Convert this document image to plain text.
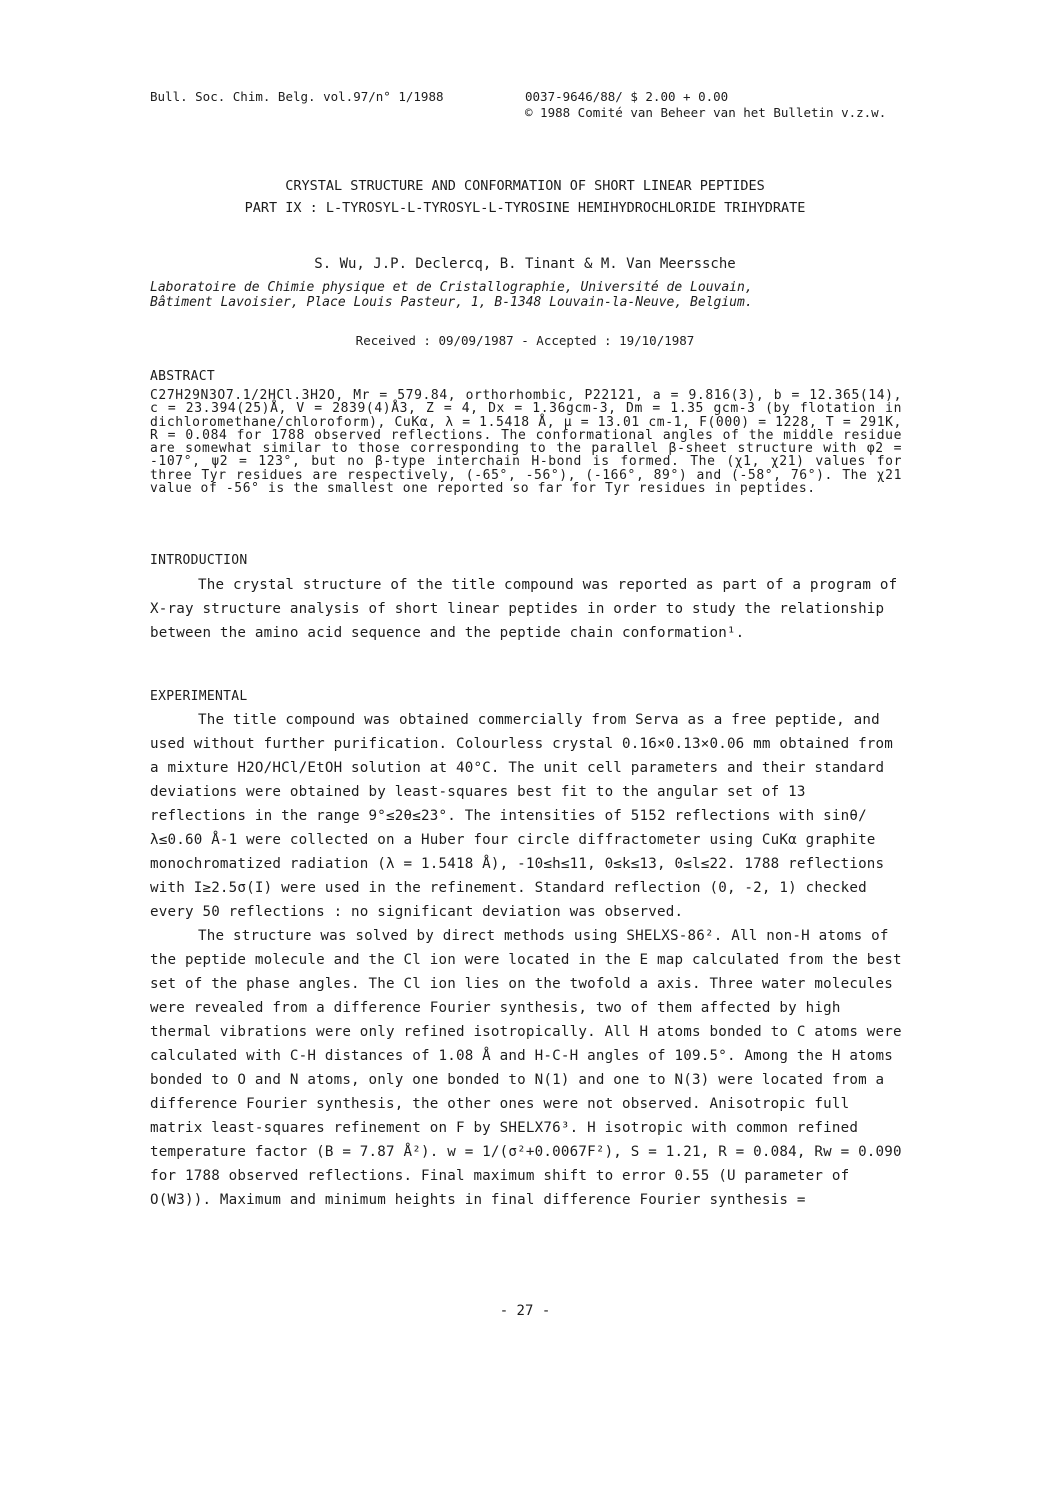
Bull. Soc. Chim. Belg. vol.97/n° 1/1988	0037-9646/88/ $ 2.00 + 0.00
© 1988 Comité van Beheer van het Bulletin v.z.w.
CRYSTAL STRUCTURE AND CONFORMATION OF SHORT LINEAR PEPTIDES
PART IX : L-TYROSYL-L-TYROSYL-L-TYROSINE HEMIHYDROCHLORIDE TRIHYDRATE
S. Wu, J.P. Declercq, B. Tinant & M. Van Meerssche
Laboratoire de Chimie physique et de Cristallographie, Université de Louvain,
Bâtiment Lavoisier, Place Louis Pasteur, 1, B-1348 Louvain-la-Neuve, Belgium.
Received : 09/09/1987 - Accepted : 19/10/1987
ABSTRACT
C27H29N3O7.1/2HCl.3H2O, Mr = 579.84, orthorhombic, P22121, a = 9.816(3), b = 12.365(14), c = 23.394(25)Å, V = 2839(4)Å3, Z = 4, Dx = 1.36gcm-3, Dm = 1.35 gcm-3 (by flotation in dichloromethane/chloroform), CuKα, λ = 1.5418 Å, μ = 13.01 cm-1, F(000) = 1228, T = 291K, R = 0.084 for 1788 observed reflections. The conformational angles of the middle residue are somewhat similar to those corresponding to the parallel β-sheet structure with φ2 = -107°, ψ2 = 123°, but no β-type interchain H-bond is formed. The (χ1, χ21) values for three Tyr residues are respectively, (-65°, -56°), (-166°, 89°) and (-58°, 76°). The χ21 value of -56° is the smallest one reported so far for Tyr residues in peptides.
INTRODUCTION

The crystal structure of the title compound was reported as part of a program of X-ray structure analysis of short linear peptides in order to study the relationship between the amino acid sequence and the peptide chain conformation¹.

EXPERIMENTAL

The title compound was obtained commercially from Serva as a free peptide, and used without further purification. Colourless crystal 0.16×0.13×0.06 mm obtained from a mixture H2O/HCl/EtOH solution at 40°C. The unit cell parameters and their standard deviations were obtained by least-squares best fit to the angular set of 13 reflections in the range 9°≤2θ≤23°. The intensities of 5152 reflections with sinθ/λ≤0.60 Å-1 were collected on a Huber four circle diffractometer using CuKα graphite monochromatized radiation (λ = 1.5418 Å), -10≤h≤11, 0≤k≤13, 0≤l≤22. 1788 reflections with I≥2.5σ(I) were used in the refinement. Standard reflection (0, -2, 1) checked every 50 reflections : no significant deviation was observed.

The structure was solved by direct methods using SHELXS-86². All non-H atoms of the peptide molecule and the Cl ion were located in the E map calculated from the best set of the phase angles. The Cl ion lies on the twofold a axis. Three water molecules were revealed from a difference Fourier synthesis, two of them affected by high thermal vibrations were only refined isotropically. All H atoms bonded to C atoms were calculated with C-H distances of 1.08 Å and H-C-H angles of 109.5°. Among the H atoms bonded to O and N atoms, only one bonded to N(1) and one to N(3) were located from a difference Fourier synthesis, the other ones were not observed. Anisotropic full matrix least-squares refinement on F by SHELX76³. H isotropic with common refined temperature factor (B = 7.87 Å²). w = 1/(σ²+0.0067F²), S = 1.21, R = 0.084, Rw = 0.090 for 1788 observed reflections. Final maximum shift to error 0.55 (U parameter of O(W3)). Maximum and minimum heights in final difference Fourier synthesis =

- 27 -
